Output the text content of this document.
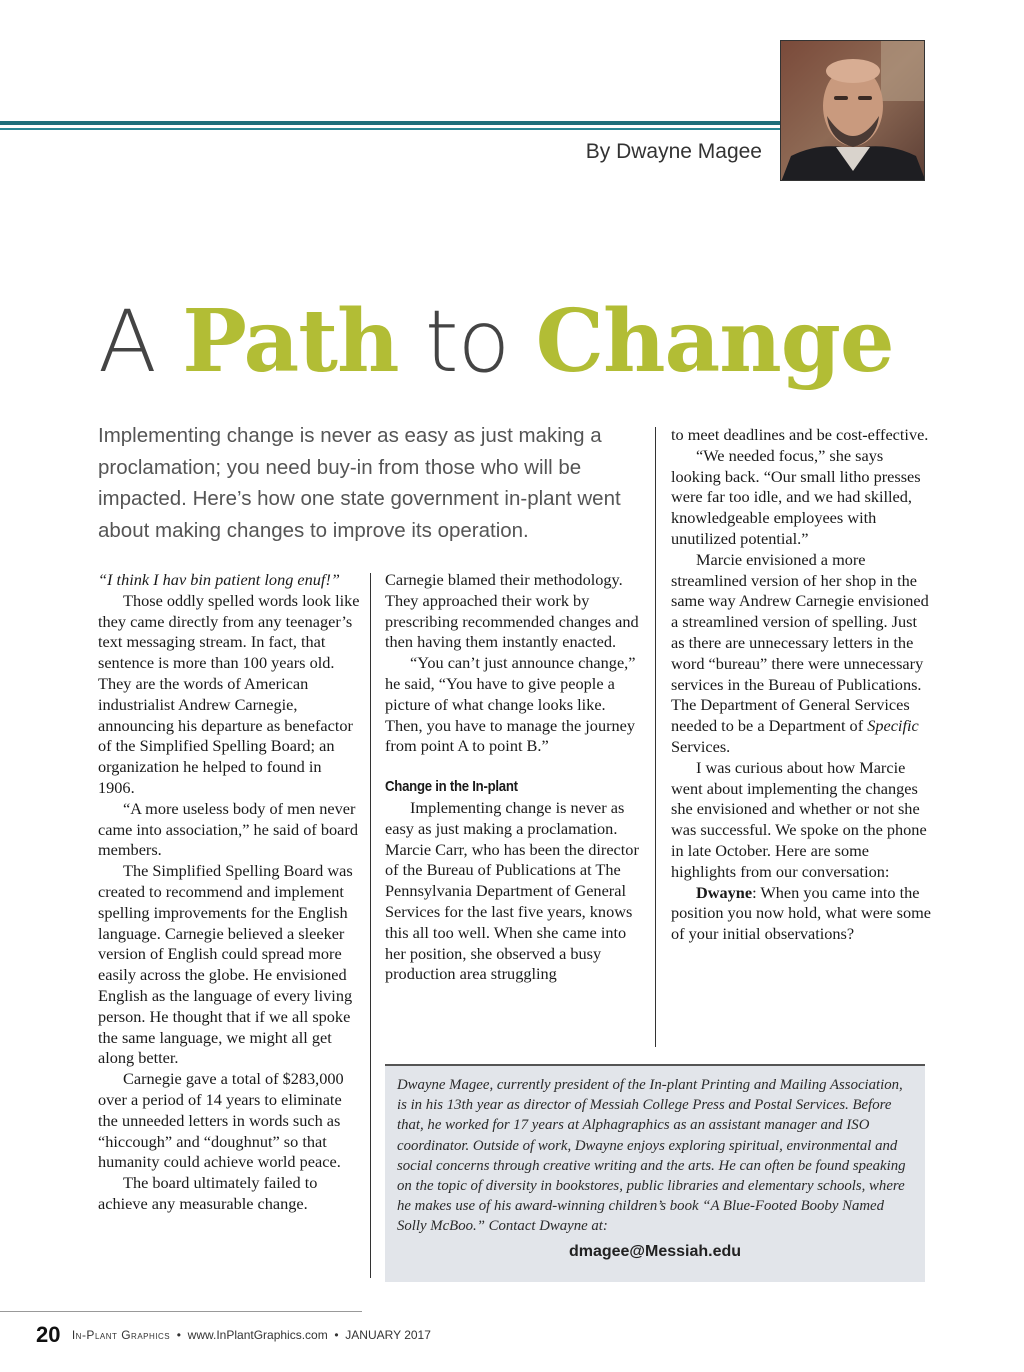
By Dwayne Magee
A Path to Change

Implementing change is never as easy as just making a proclamation; you need buy-in from those who will be impacted. Here’s how one state government in-plant went about making changes to improve its operation.

“I think I hav bin patient long enuf!”

Those oddly spelled words look like they came directly from any teenager’s text messaging stream. In fact, that sentence is more than 100 years old. They are the words of American industrialist Andrew Carnegie, announcing his departure as benefactor of the Simplified Spelling Board; an organization he helped to found in 1906.

“A more useless body of men never came into association,” he said of board members.

The Simplified Spelling Board was created to recommend and implement spelling improvements for the English language. Carnegie believed a sleeker version of English could spread more easily across the globe. He envisioned English as the language of every living person. He thought that if we all spoke the same language, we might all get along better.

Carnegie gave a total of $283,000 over a period of 14 years to eliminate the unneeded letters in words such as “hiccough” and “doughnut” so that humanity could achieve world peace.

The board ultimately failed to achieve any measurable change.

Carnegie blamed their methodology. They approached their work by prescribing recommended changes and then having them instantly enacted.

“You can’t just announce change,” he said, “You have to give people a picture of what change looks like. Then, you have to manage the journey from point A to point B.”

Change in the In-plant

Implementing change is never as easy as just making a proclamation. Marcie Carr, who has been the director of the Bureau of Publications at The Pennsylvania Department of General Services for the last five years, knows this all too well. When she came into her position, she observed a busy production area struggling

to meet deadlines and be cost-effective.

“We needed focus,” she says looking back. “Our small litho presses were far too idle, and we had skilled, knowledgeable employees with unutilized potential.”

Marcie envisioned a more streamlined version of her shop in the same way Andrew Carnegie envisioned a streamlined version of spelling. Just as there are unnecessary letters in the word “bureau” there were unnecessary services in the Bureau of Publications. The Department of General Services needed to be a Department of Specific Services.

I was curious about how Marcie went about implementing the changes she envisioned and whether or not she was successful. We spoke on the phone in late October. Here are some highlights from our conversation:

Dwayne: When you came into the position you now hold, what were some of your initial observations?

Dwayne Magee, currently president of the In-plant Printing and Mailing Association, is in his 13th year as director of Messiah College Press and Postal Services. Before that, he worked for 17 years at Alphagraphics as an assistant manager and ISO coordinator. Outside of work, Dwayne enjoys exploring spiritual, environmental and social concerns through creative writing and the arts. He can often be found speaking on the topic of diversity in bookstores, public libraries and elementary schools, where he makes use of his award-winning children’s book “A Blue-Footed Booby Named Solly McBoo.” Contact Dwayne at:

dmagee@Messiah.edu
20 In-Plant Graphics • www.InPlantGraphics.com • JANUARY 2017
